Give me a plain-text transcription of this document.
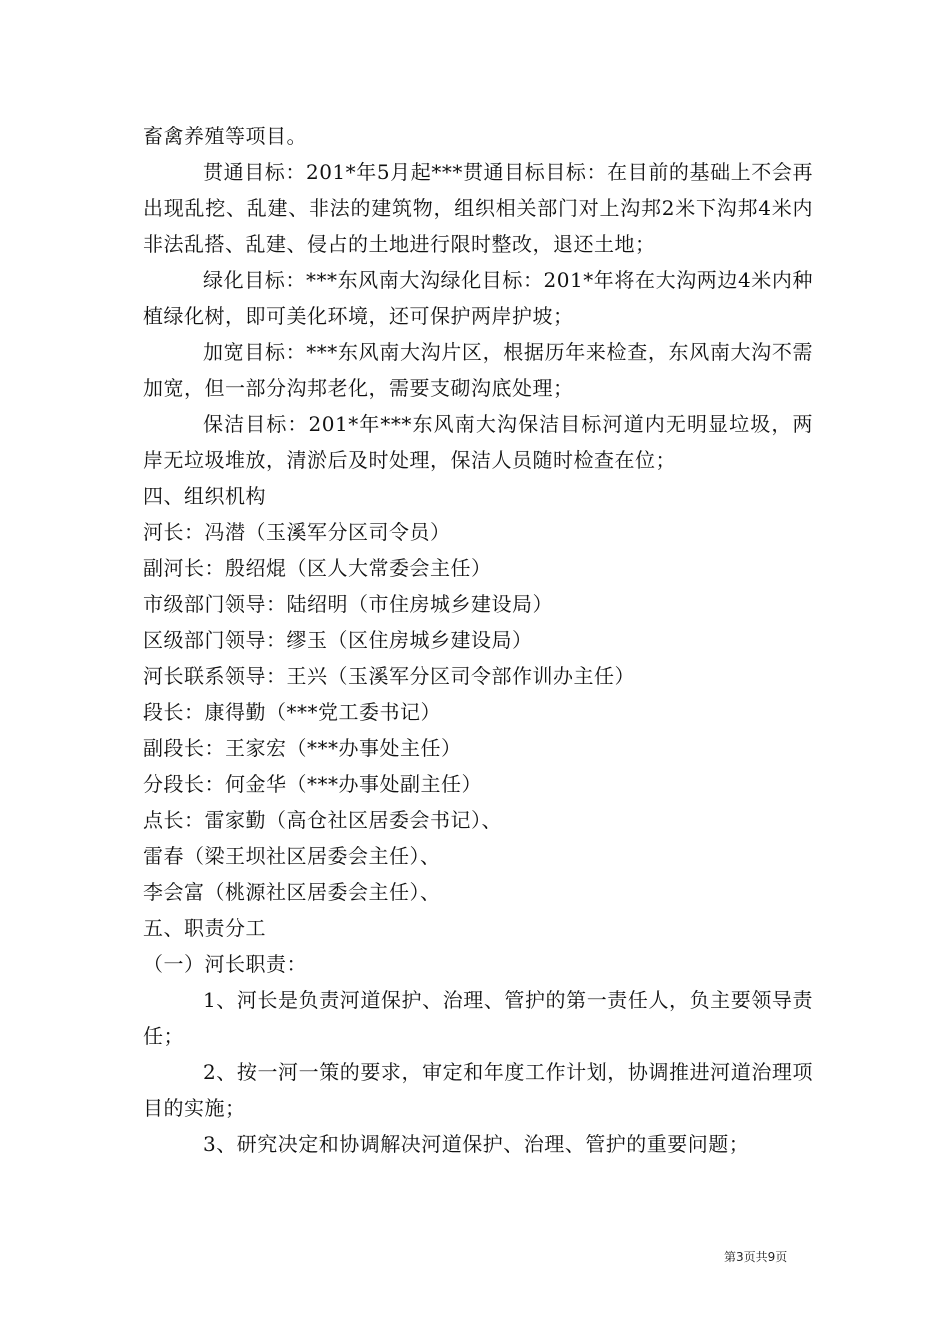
畜禽养殖等项目。

贯通目标：201*年5月起***贯通目标目标：在目前的基础上不会再出现乱挖、乱建、非法的建筑物，组织相关部门对上沟邦2米下沟邦4米内非法乱搭、乱建、侵占的土地进行限时整改，退还土地；

绿化目标：***东风南大沟绿化目标：201*年将在大沟两边4米内种植绿化树，即可美化环境，还可保护两岸护坡；

加宽目标：***东风南大沟片区，根据历年来检查，东风南大沟不需加宽，但一部分沟邦老化，需要支砌沟底处理；

保洁目标：201*年***东风南大沟保洁目标河道内无明显垃圾，两岸无垃圾堆放，清淤后及时处理，保洁人员随时检查在位；

四、组织机构

河长：冯潜（玉溪军分区司令员）

副河长：殷绍焜（区人大常委会主任）

市级部门领导：陆绍明（市住房城乡建设局）

区级部门领导：缪玉（区住房城乡建设局）

河长联系领导：王兴（玉溪军分区司令部作训办主任）

段长：康得勤（***党工委书记）

副段长：王家宏（***办事处主任）

分段长：何金华（***办事处副主任）

点长：雷家勤（高仓社区居委会书记）、

雷春（梁王坝社区居委会主任）、

李会富（桃源社区居委会主任）、

五、职责分工

（一）河长职责：

1、河长是负责河道保护、治理、管护的第一责任人，负主要领导责任；

2、按一河一策的要求，审定和年度工作计划，协调推进河道治理项目的实施；

3、研究决定和协调解决河道保护、治理、管护的重要问题；

第3页共9页
